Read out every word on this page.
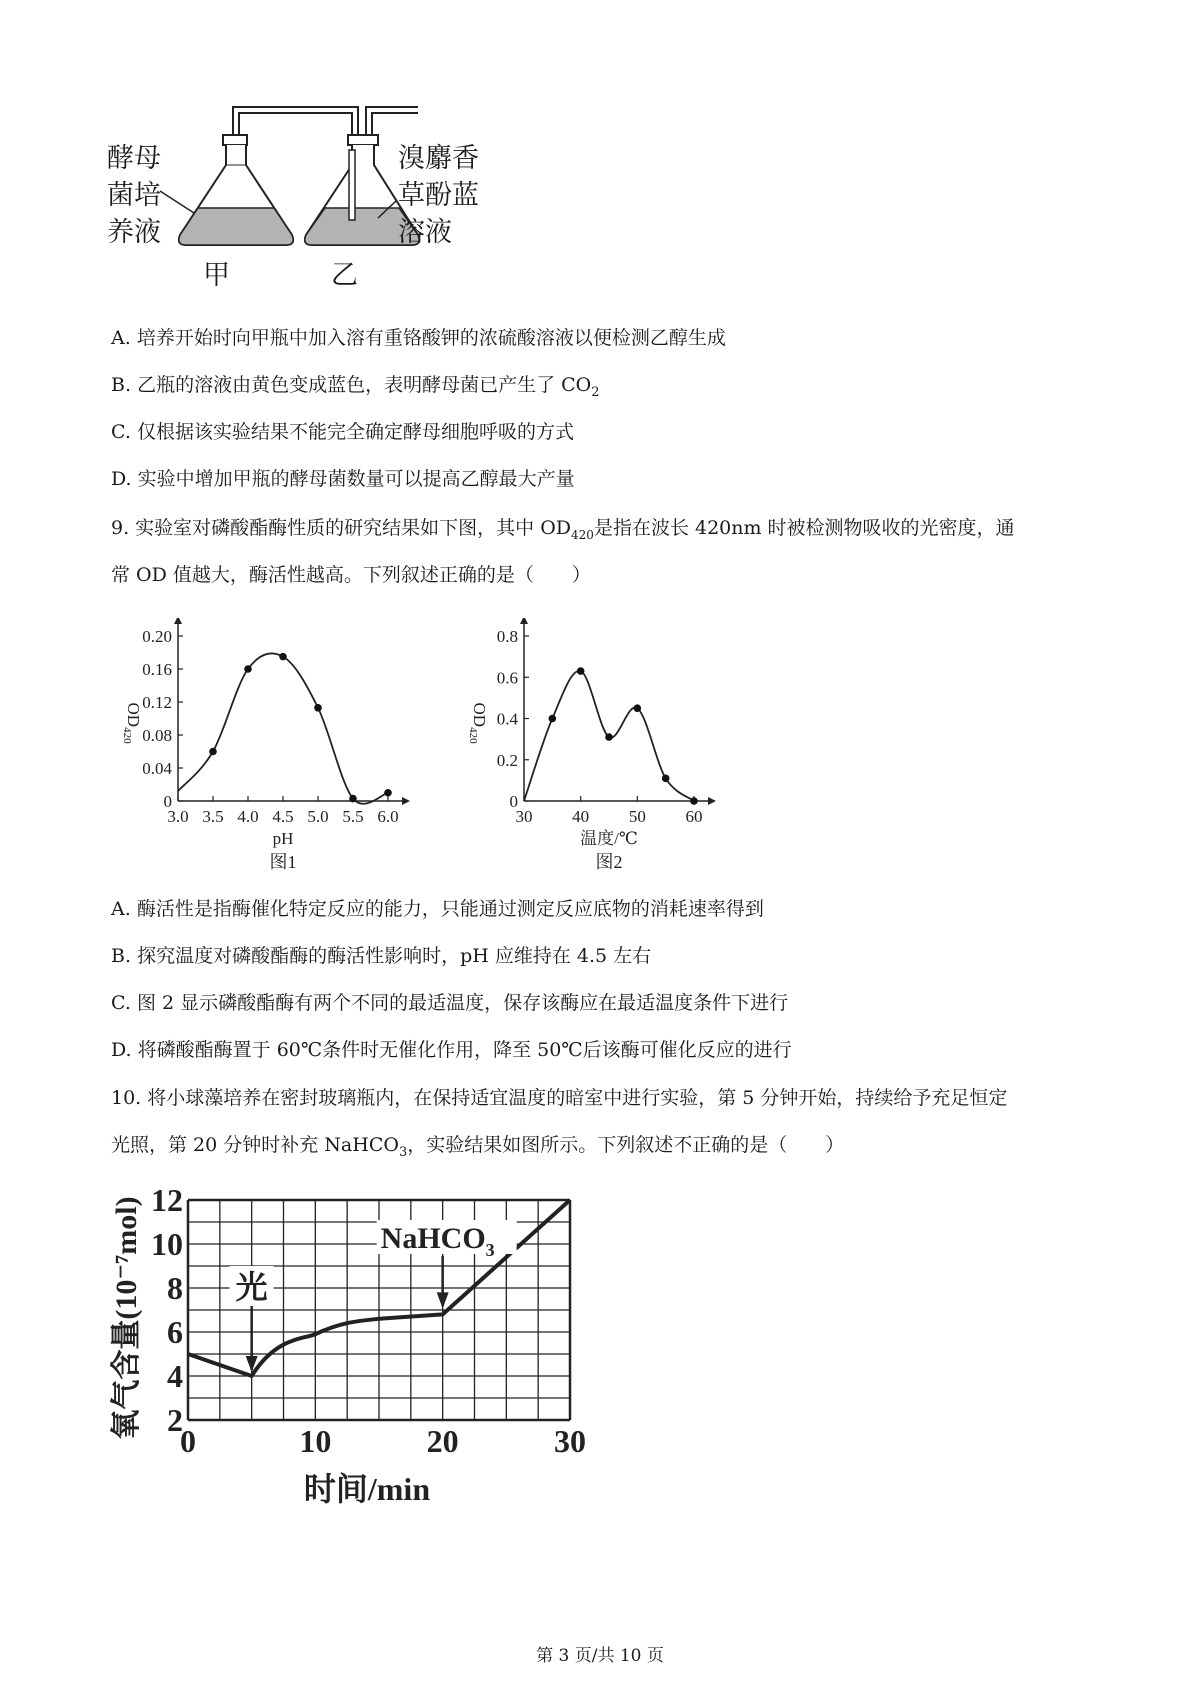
酵母
菌培
养液
溴麝香
草酚蓝
溶液
甲	乙
A. 培养开始时向甲瓶中加入溶有重铬酸钾的浓硫酸溶液以便检测乙醇生成
B. 乙瓶的溶液由黄色变成蓝色，表明酵母菌已产生了 $CO_2$
C. 仅根据该实验结果不能完全确定酵母细胞呼吸的方式
D. 实验中增加甲瓶的酵母菌数量可以提高乙醇最大产量
9. 实验室对磷酸酯酶性质的研究结果如下图，其中 $OD_{420}$是指在波长 420nm 时被检测物吸收的光密度，通
常 OD 值越大，酶活性越高。下列叙述正确的是（　　）
3.0 3.5 4.0 4.5 5.0 5.5 6.0
0
0.04
0.08
0.12
0.16
0.20
$OD_{420}$
pH
图1
30 40 50 60
0
0.2
0.4
0.6
0.8
$OD_{420}$
温度/℃
图2
A. 酶活性是指酶催化特定反应的能力，只能通过测定反应底物的消耗速率得到
B. 探究温度对磷酸酯酶的酶活性影响时，pH 应维持在 4.5 左右
C. 图 2 显示磷酸酯酶有两个不同的最适温度，保存该酶应在最适温度条件下进行
D. 将磷酸酯酶置于 60℃条件时无催化作用，降至 50℃后该酶可催化反应的进行
10. 将小球藻培养在密封玻璃瓶内，在保持适宜温度的暗室中进行实验，第 5 分钟开始，持续给予充足恒定
光照，第 20 分钟时补充 NaHCO$_3$，实验结果如图所示。下列叙述不正确的是（　　）
0	10	20	30
2
4
6
8
10
12
光
NaHCO$_3$
氧气含量(10⁻⁷mol)
时间/min
第 3 页/共 10 页
